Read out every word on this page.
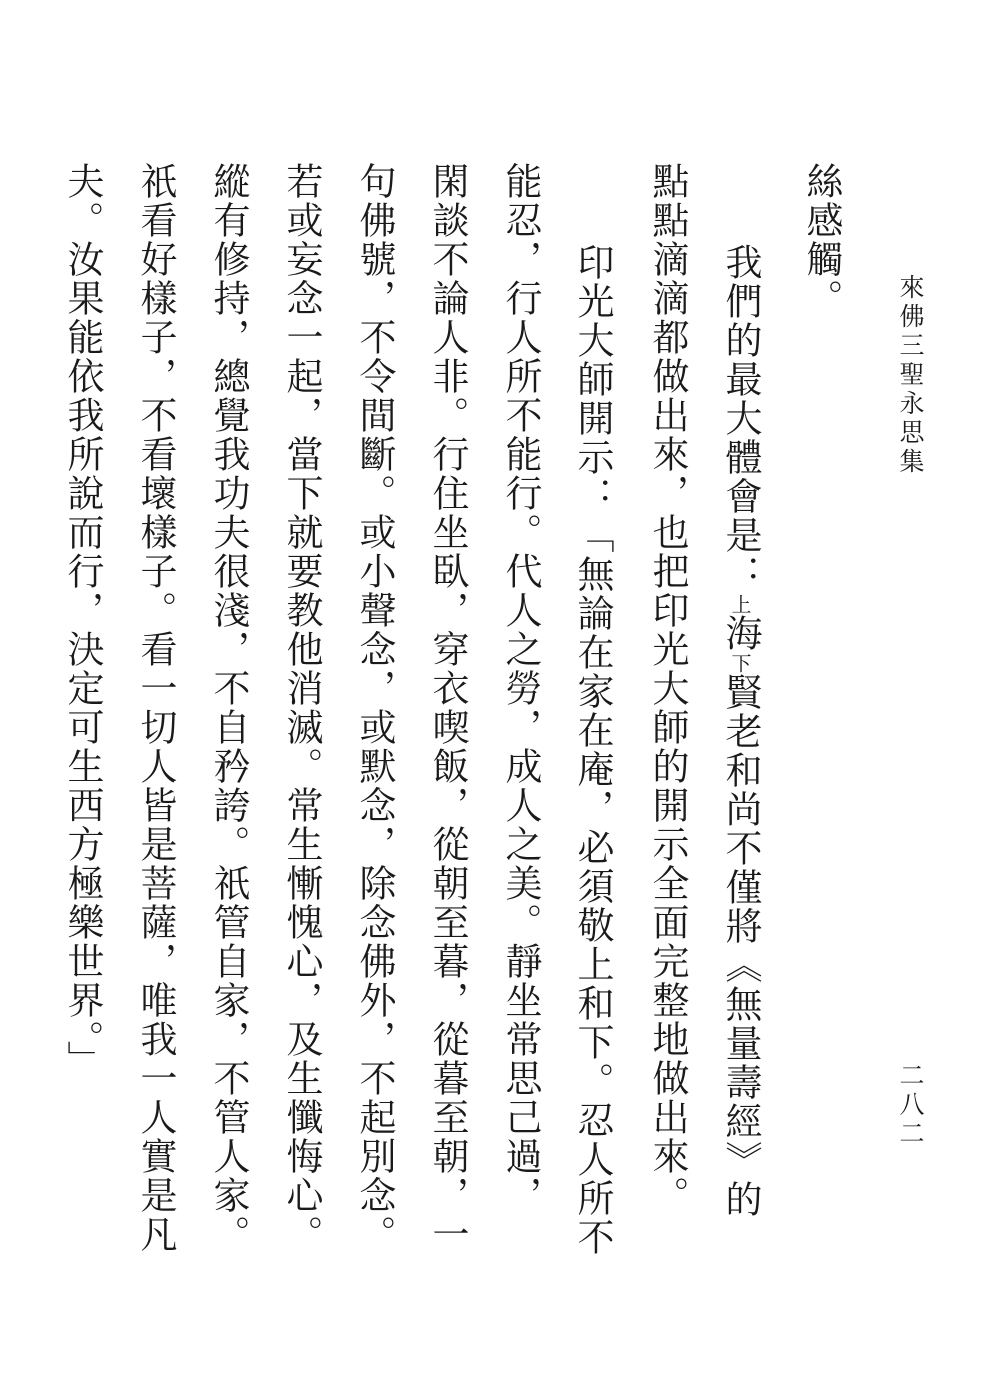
來佛三聖永思集
二八二
絲感觸。
我們的最大體會是：上海下賢老和尚不僅將《無量壽經》的
點點滴滴都做出來，也把印光大師的開示全面完整地做出來。
印光大師開示：「無論在家在庵，必須敬上和下。忍人所不
能忍，行人所不能行。代人之勞，成人之美。靜坐常思己過，
閑談不論人非。行住坐臥，穿衣喫飯，從朝至暮，從暮至朝，一
句佛號，不令間斷。或小聲念，或默念，除念佛外，不起別念。
若或妄念一起，當下就要教他消滅。常生慚愧心，及生懺悔心。
縱有修持，總覺我功夫很淺，不自矜誇。祇管自家，不管人家。
祇看好樣子，不看壞樣子。看一切人皆是菩薩，唯我一人實是凡
夫。汝果能依我所說而行，決定可生西方極樂世界。」
